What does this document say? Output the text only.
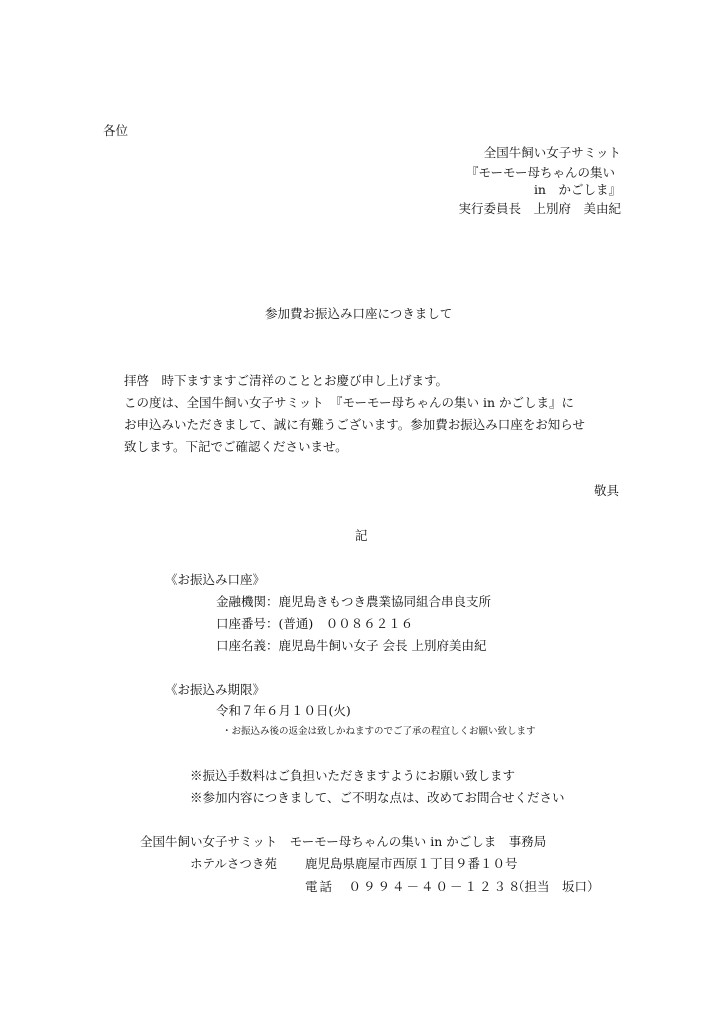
各位

全国牛飼い女子サミット

『モーモー母ちゃんの集い

in　かごしま』

実行委員長　上別府　美由紀

参加費お振込み口座につきまして

拝啓　時下ますますご清祥のこととお慶び申し上げます。

この度は、全国牛飼い女子サミット　『モーモー母ちゃんの集い in かごしま』に

お申込みいただきまして、誠に有難うございます。参加費お振込み口座をお知らせ

致します。下記でご確認くださいませ。

敬具

記

《お振込み口座》

金融機関：鹿児島きもつき農業協同組合串良支所

口座番号：(普通)　００８６２１６

口座名義：鹿児島牛飼い女子 会長 上別府美由紀

《お振込み期限》

令和７年６月１０日(火)

・お振込み後の返金は致しかねますのでご了承の程宜しくお願い致します

※振込手数料はご負担いただきますようにお願い致します

※参加内容につきまして、ご不明な点は、改めてお問合せください

全国牛飼い女子サミット　モーモー母ちゃんの集い in かごしま　事務局

ホテルさつき苑 鹿児島県鹿屋市西原１丁目９番１０号

電話　０９９４－４０－１２３８

（担当　坂口）
